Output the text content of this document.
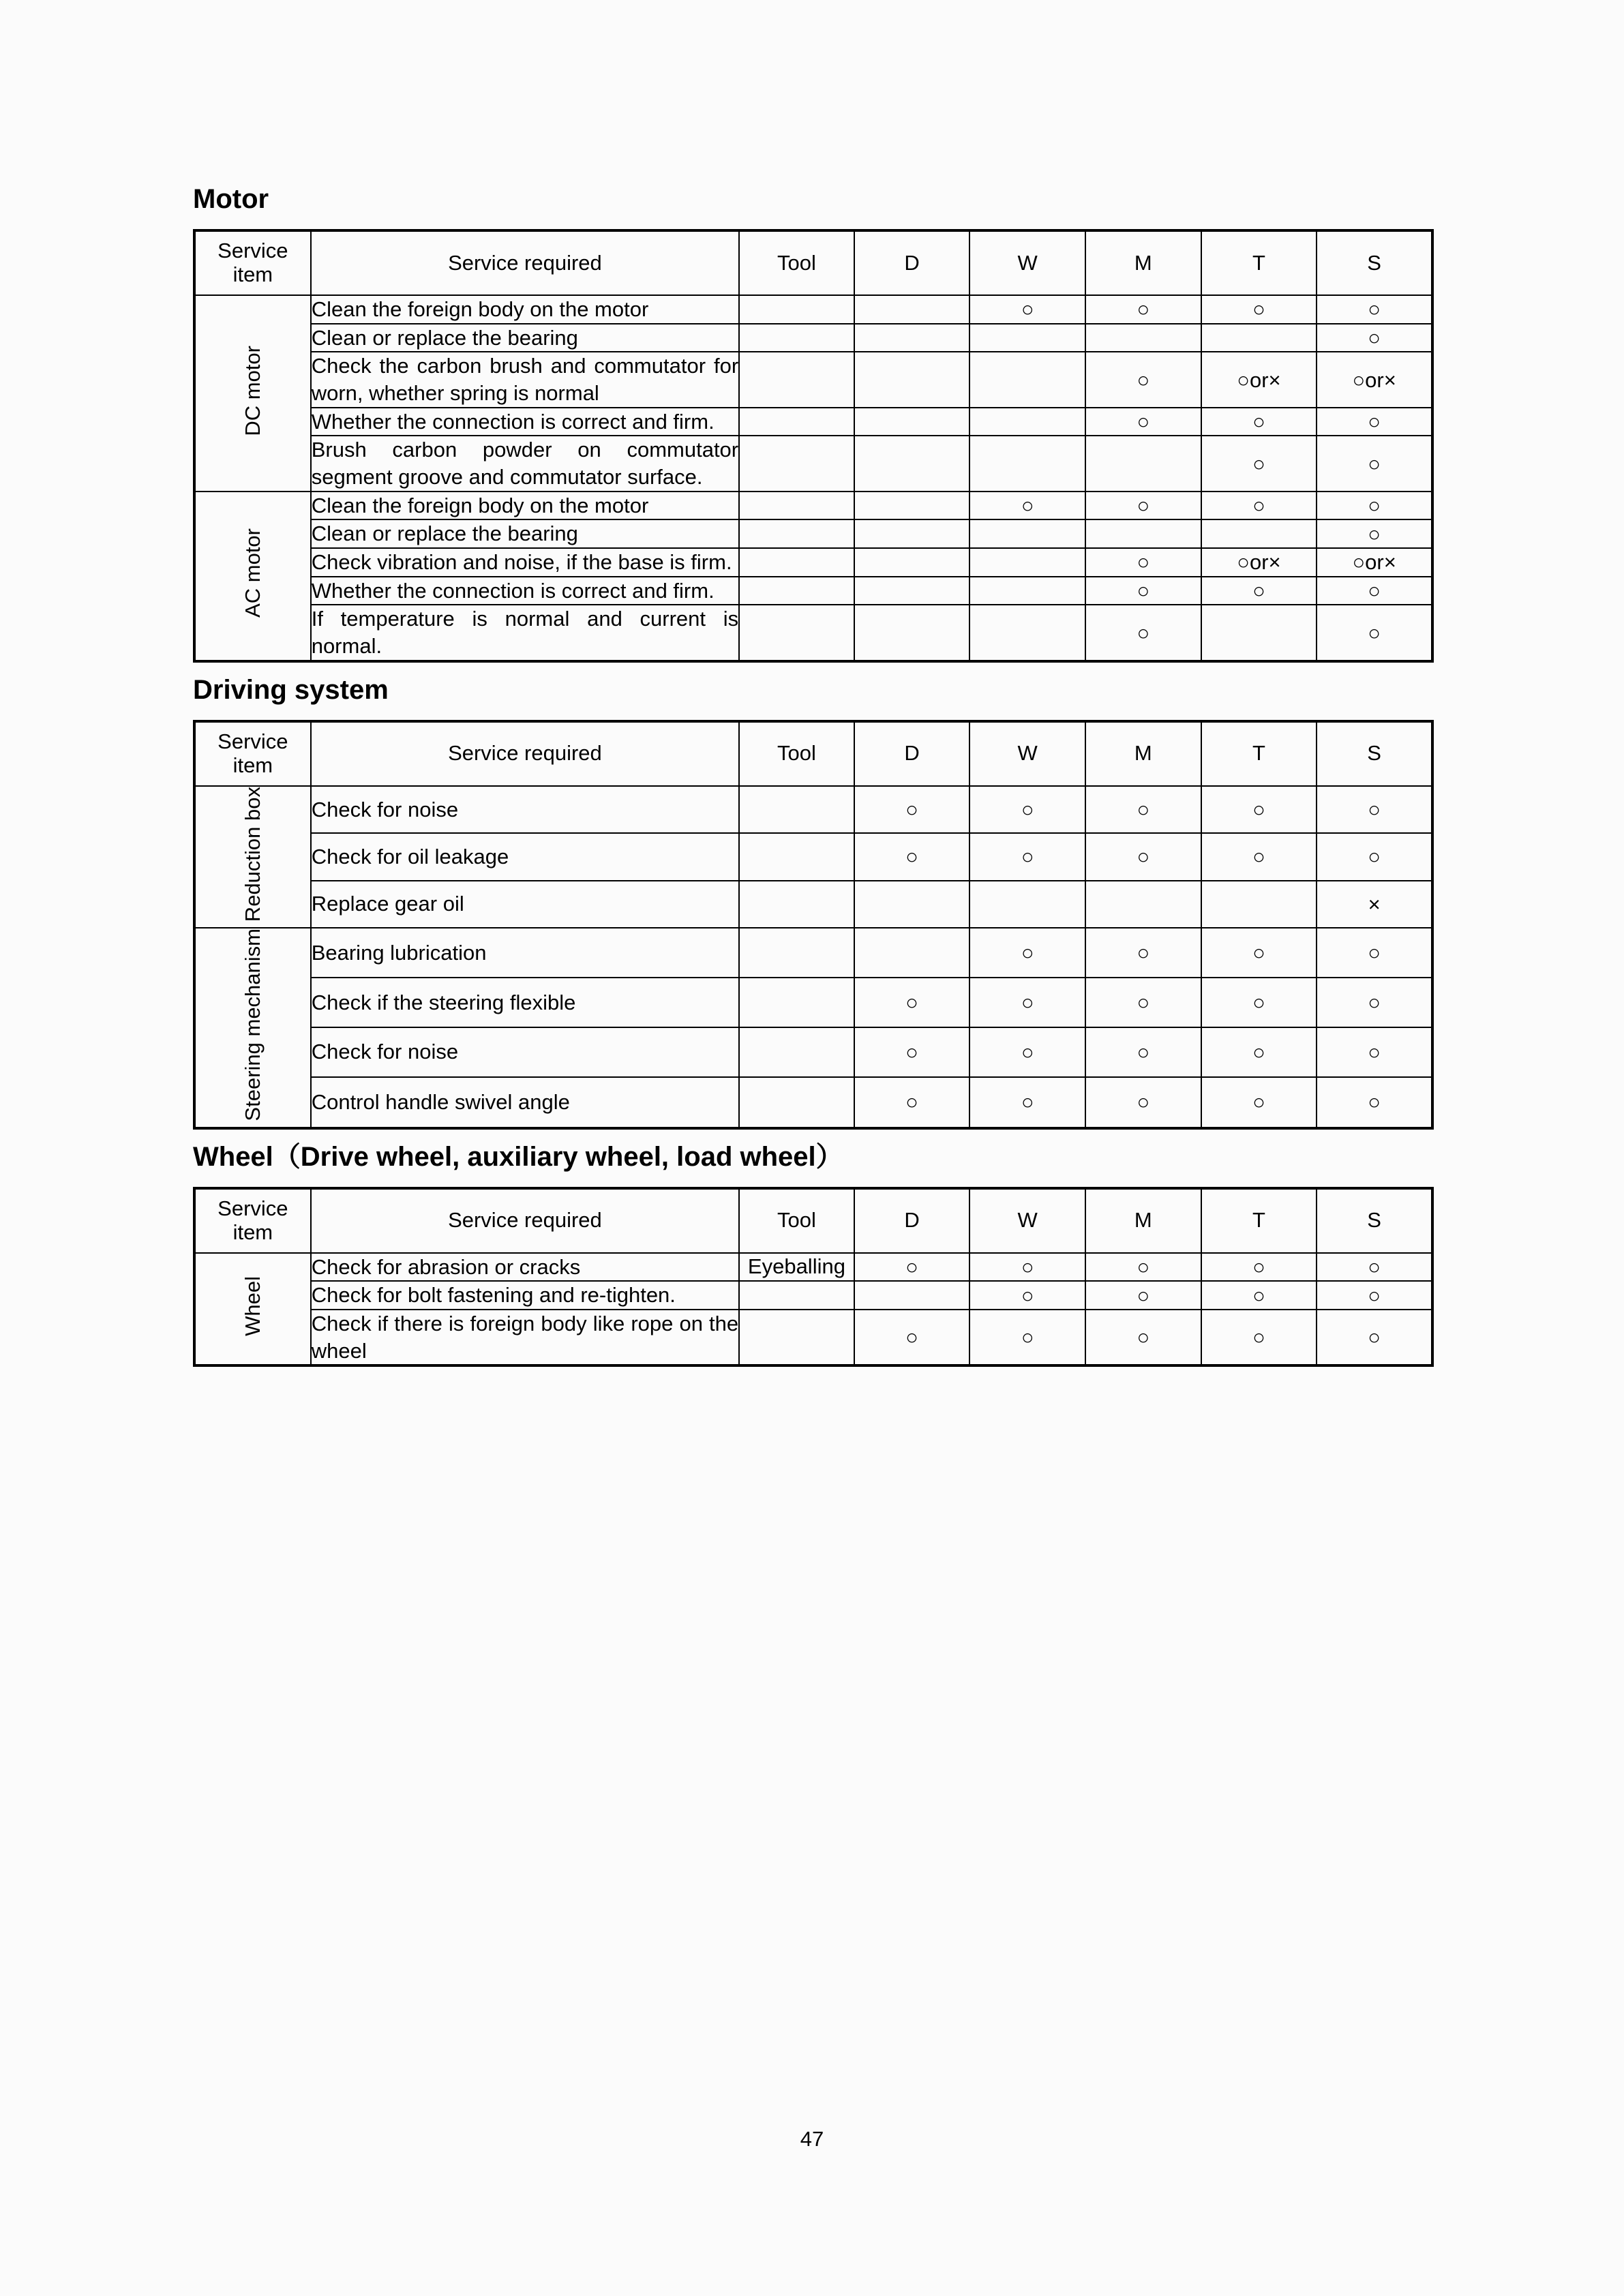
Motor
Service
item	Service required	Tool	D	W	M	T	S
DC motor	Clean the foreign body on the motor			○	○	○	○
	Clean or replace the bearing						○
	Check the carbon brush and commutator for worn, whether spring is normal				○	○or×	○or×
	Whether the connection is correct and firm.				○	○	○
	Brush carbon powder on commutator segment groove and commutator surface.					○	○
AC motor	Clean the foreign body on the motor			○	○	○	○
	Clean or replace the bearing						○
	Check vibration and noise, if the base is firm.				○	○or×	○or×
	Whether the connection is correct and firm.				○	○	○
	If temperature is normal and current is normal.				○		○
Driving system
Service
item	Service required	Tool	D	W	M	T	S
Reduction box	Check for noise		○	○	○	○	○
	Check for oil leakage		○	○	○	○	○
	Replace gear oil						×
Steering mechanism	Bearing lubrication			○	○	○	○
	Check if the steering flexible		○	○	○	○	○
	Check for noise		○	○	○	○	○
	Control handle swivel angle		○	○	○	○	○
Wheel（Drive wheel, auxiliary wheel, load wheel）
Service
item	Service required	Tool	D	W	M	T	S
Wheel	Check for abrasion or cracks	Eyeballing	○	○	○	○	○
	Check for bolt fastening and re-tighten.			○	○	○	○
	Check if there is foreign body like rope on the wheel		○	○	○	○	○
47
